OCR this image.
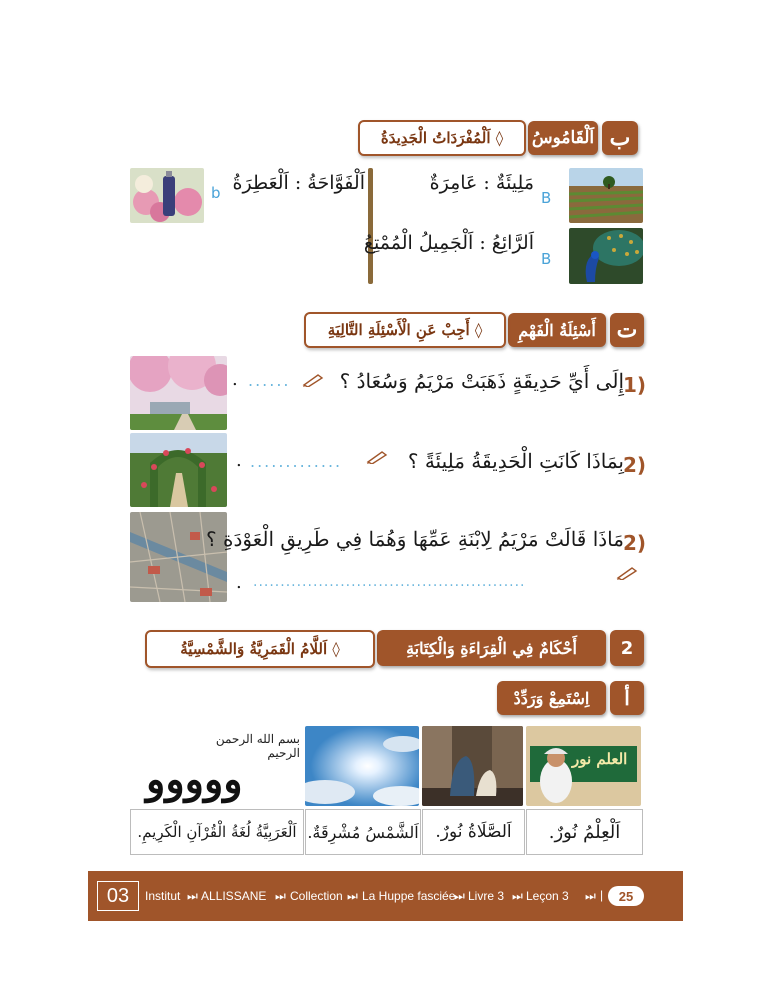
ب
اَلْقَامُوسُ
◊ اَلْمُفْرَدَاتُ الْجَدِيدَةُ
B
مَلِيئَةٌ : عَامِرَةٌ
B
اَلرَّائِعُ : اَلْجَمِيلُ الْمُمْتِعُ
b اَلْفَوَّاحَةُ : اَلْعَطِرَةُ
ت
أَسْئِلَةُ الْفَهْمِ
◊ أَجِبْ عَنِ الْأَسْئِلَةِ التَّالِيَةِ
إِلَى أَيِّ حَدِيقَةٍ ذَهَبَتْ مَرْيَمُ وَسُعَادُ ؟ 1)
......
.
بِمَاذَا كَانَتِ الْحَدِيقَةُ مَلِيئَةً ؟ 2)
.............
.
مَاذَا قَالَتْ مَرْيَمُ لِابْنَةِ عَمِّهَا وَهُمَا فِي طَرِيقِ الْعَوْدَةِ ؟ 2)
..................................................
.
2
أَحْكَامٌ فِي الْقِرَاءَةِ وَالْكِتَابَةِ
◊ اَللَّامُ الْقَمَرِيَّةُ وَالشَّمْسِيَّةُ
أ
اِسْتَمِعْ وَرَدِّدْ
العلم نور
بسم الله الرحمن الرحيم
ووووو
اَلْعِلْمُ نُورٌ.
اَلصَّلَاةُ نُورٌ.
اَلشَّمْسُ مُشْرِقَةٌ.
اَلْعَرَبِيَّةُ لُغَةُ الْقُرْآنِ الْكَرِيمِ.
03 Institut ⏭ ALLISSANE ⏭ Collection ⏭ La Huppe fasciée
⏭ Livre 3 ⏭ Leçon 3 ⏭ | 25
